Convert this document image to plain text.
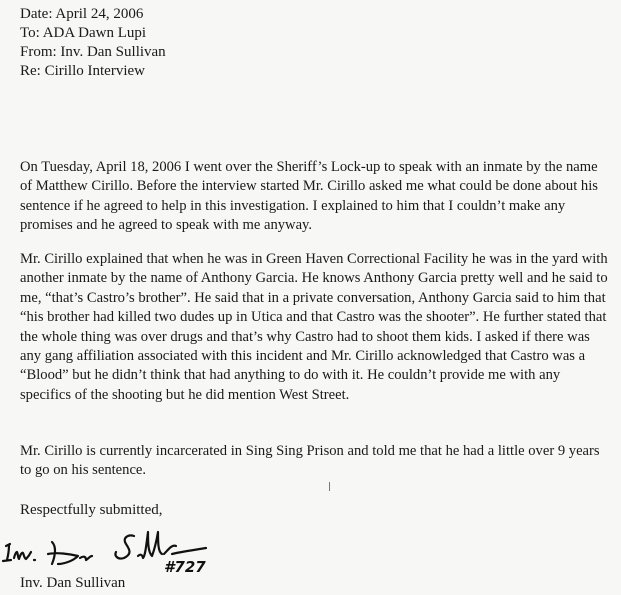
Date: April 24, 2006
To: ADA Dawn Lupi
From: Inv. Dan Sullivan
Re: Cirillo Interview

On Tuesday, April 18, 2006 I went over the Sheriff’s Lock-up to speak with an inmate by the name of Matthew Cirillo. Before the interview started Mr. Cirillo asked me what could be done about his sentence if he agreed to help in this investigation. I explained to him that I couldn’t make any promises and he agreed to speak with me anyway.

Mr. Cirillo explained that when he was in Green Haven Correctional Facility he was in the yard with another inmate by the name of Anthony Garcia. He knows Anthony Garcia pretty well and he said to me, “that’s Castro’s brother”. He said that in a private conversation, Anthony Garcia said to him that “his brother had killed two dudes up in Utica and that Castro was the shooter”. He further stated that the whole thing was over drugs and that’s why Castro had to shoot them kids. I asked if there was any gang affiliation associated with this incident and Mr. Cirillo acknowledged that Castro was a “Blood” but he didn’t think that had anything to do with it. He couldn’t provide me with any specifics of the shooting but he did mention West Street.

Mr. Cirillo is currently incarcerated in Sing Sing Prison and told me that he had a little over 9 years to go on his sentence.

Respectfully submitted,
#727
Inv. Dan Sullivan
